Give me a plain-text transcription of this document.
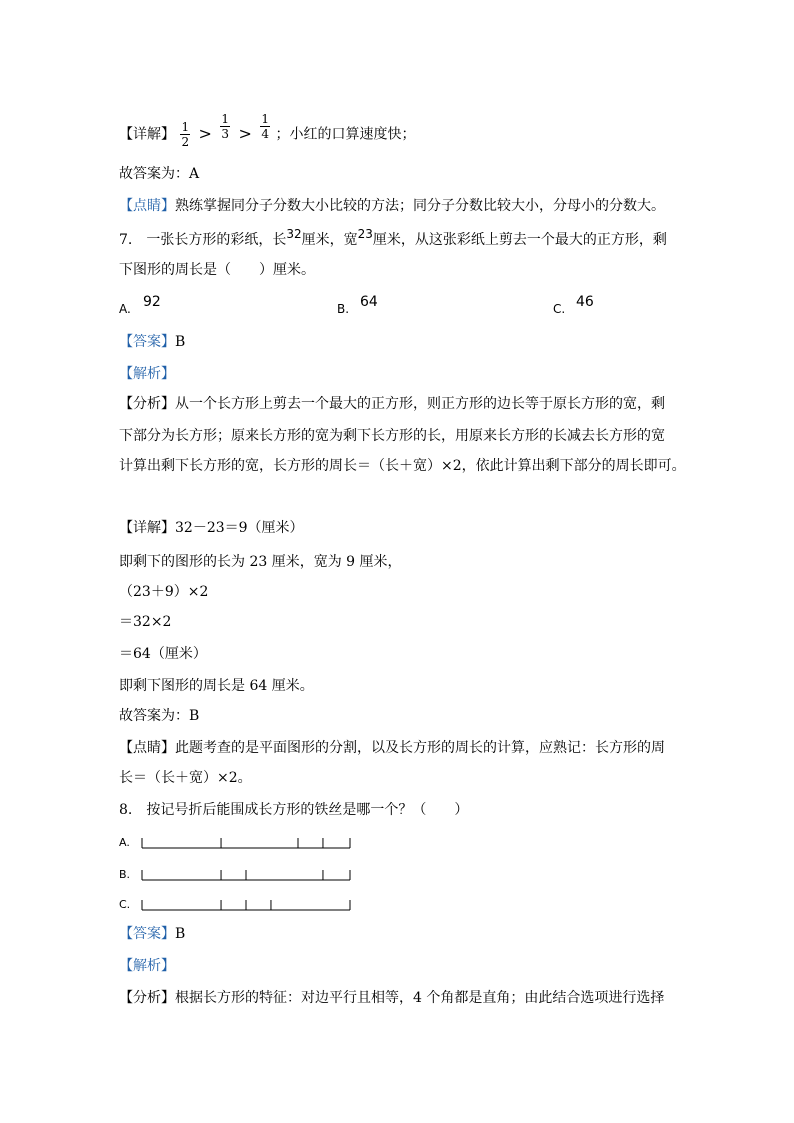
【详解】 $\frac{1}{2} > \frac{1}{3} > \frac{1}{4}$ ；小红的口算速度快；
故答案为：A
【点睛】熟练掌握同分子分数大小比较的方法；同分子分数比较大小，分母小的分数大。
7.　一张长方形的彩纸，长32厘米，宽23厘米，从这张彩纸上剪去一个最大的正方形，剩
下图形的周长是（　　）厘米。
A. 92	B. 64	C. 46
【答案】B
【解析】
【分析】从一个长方形上剪去一个最大的正方形，则正方形的边长等于原长方形的宽，剩
下部分为长方形；原来长方形的宽为剩下长方形的长，用原来长方形的长减去长方形的宽
计算出剩下长方形的宽，长方形的周长＝（长＋宽）×2，依此计算出剩下部分的周长即可。
【详解】32－23＝9（厘米）
即剩下的图形的长为 23 厘米，宽为 9 厘米，
（23＋9）×2
＝32×2
＝64（厘米）
即剩下图形的周长是 64 厘米。
故答案为：B
【点睛】此题考查的是平面图形的分割，以及长方形的周长的计算，应熟记：长方形的周
长＝（长＋宽）×2。
8.　按记号折后能围成长方形的铁丝是哪一个？（　　）
A.
B.
C.
【答案】B
【解析】
【分析】根据长方形的特征：对边平行且相等，4 个角都是直角；由此结合选项进行选择
